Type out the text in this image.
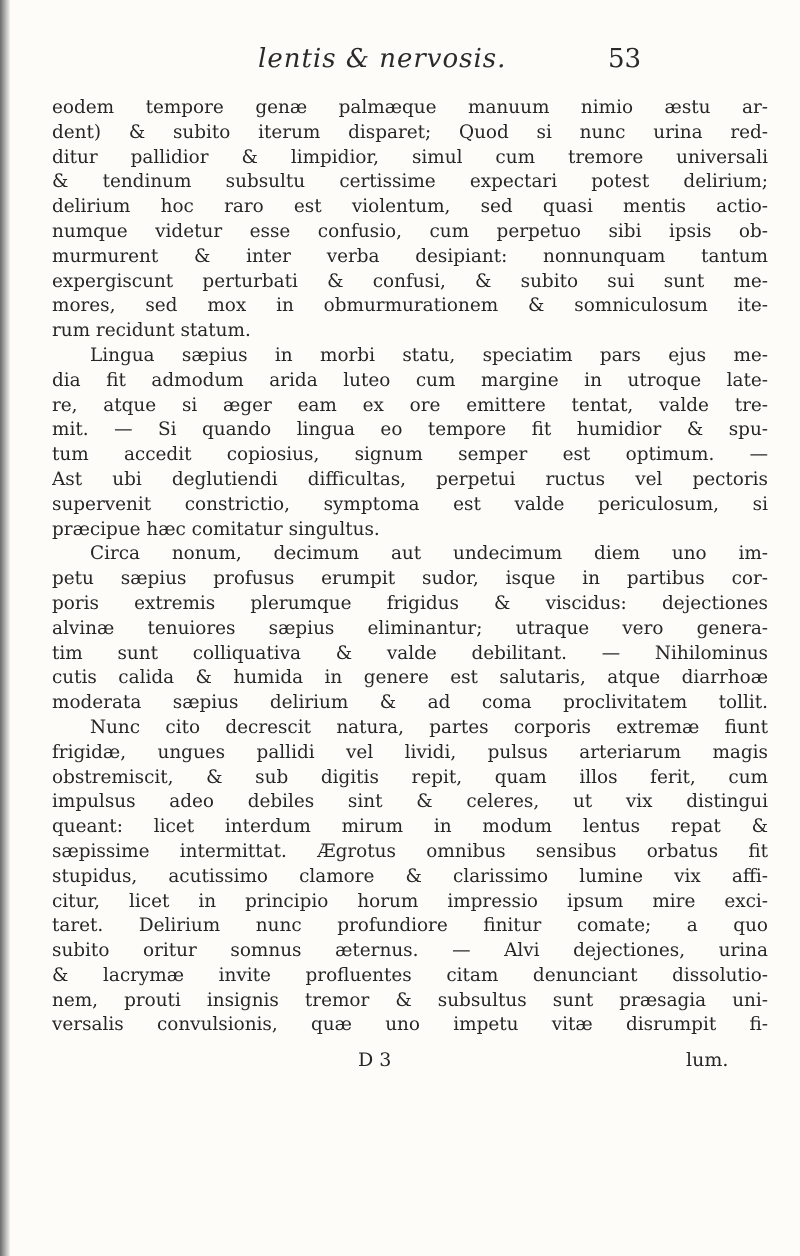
lentis & nervosis.	53
eodem tempore genæ palmæque manuum nimio æstu ar-
dent) & subito iterum disparet; Quod si nunc urina red-
ditur pallidior & limpidior, simul cum tremore universali
& tendinum subsultu certissime expectari potest delirium;
delirium hoc raro est violentum, sed quasi mentis actio-
numque videtur esse confusio, cum perpetuo sibi ipsis ob-
murmurent & inter verba desipiant: nonnunquam tantum
expergiscunt perturbati & confusi, & subito sui sunt me-
mores, sed mox in obmurmurationem & somniculosum ite-
rum recidunt statum.
Lingua sæpius in morbi statu, speciatim pars ejus me-
dia fit admodum arida luteo cum margine in utroque late-
re, atque si æger eam ex ore emittere tentat, valde tre-
mit. — Si quando lingua eo tempore fit humidior & spu-
tum accedit copiosius, signum semper est optimum. —
Ast ubi deglutiendi difficultas, perpetui ructus vel pectoris
supervenit constrictio, symptoma est valde periculosum, si
præcipue hæc comitatur singultus.
Circa nonum, decimum aut undecimum diem uno im-
petu sæpius profusus erumpit sudor, isque in partibus cor-
poris extremis plerumque frigidus & viscidus: dejectiones
alvinæ tenuiores sæpius eliminantur; utraque vero genera-
tim sunt colliquativa & valde debilitant. — Nihilominus
cutis calida & humida in genere est salutaris, atque diarrhoæ
moderata sæpius delirium & ad coma proclivitatem tollit.
Nunc cito decrescit natura, partes corporis extremæ fiunt
frigidæ, ungues pallidi vel lividi, pulsus arteriarum magis
obstremiscit, & sub digitis repit, quam illos ferit, cum
impulsus adeo debiles sint & celeres, ut vix distingui
queant: licet interdum mirum in modum lentus repat &
sæpissime intermittat. Ægrotus omnibus sensibus orbatus fit
stupidus, acutissimo clamore & clarissimo lumine vix affi-
citur, licet in principio horum impressio ipsum mire exci-
taret. Delirium nunc profundiore finitur comate; a quo
subito oritur somnus æternus. — Alvi dejectiones, urina
& lacrymæ invite profluentes citam denunciant dissolutio-
nem, prouti insignis tremor & subsultus sunt præsagia uni-
versalis convulsionis, quæ uno impetu vitæ disrumpit fi-
D 3	lum.
